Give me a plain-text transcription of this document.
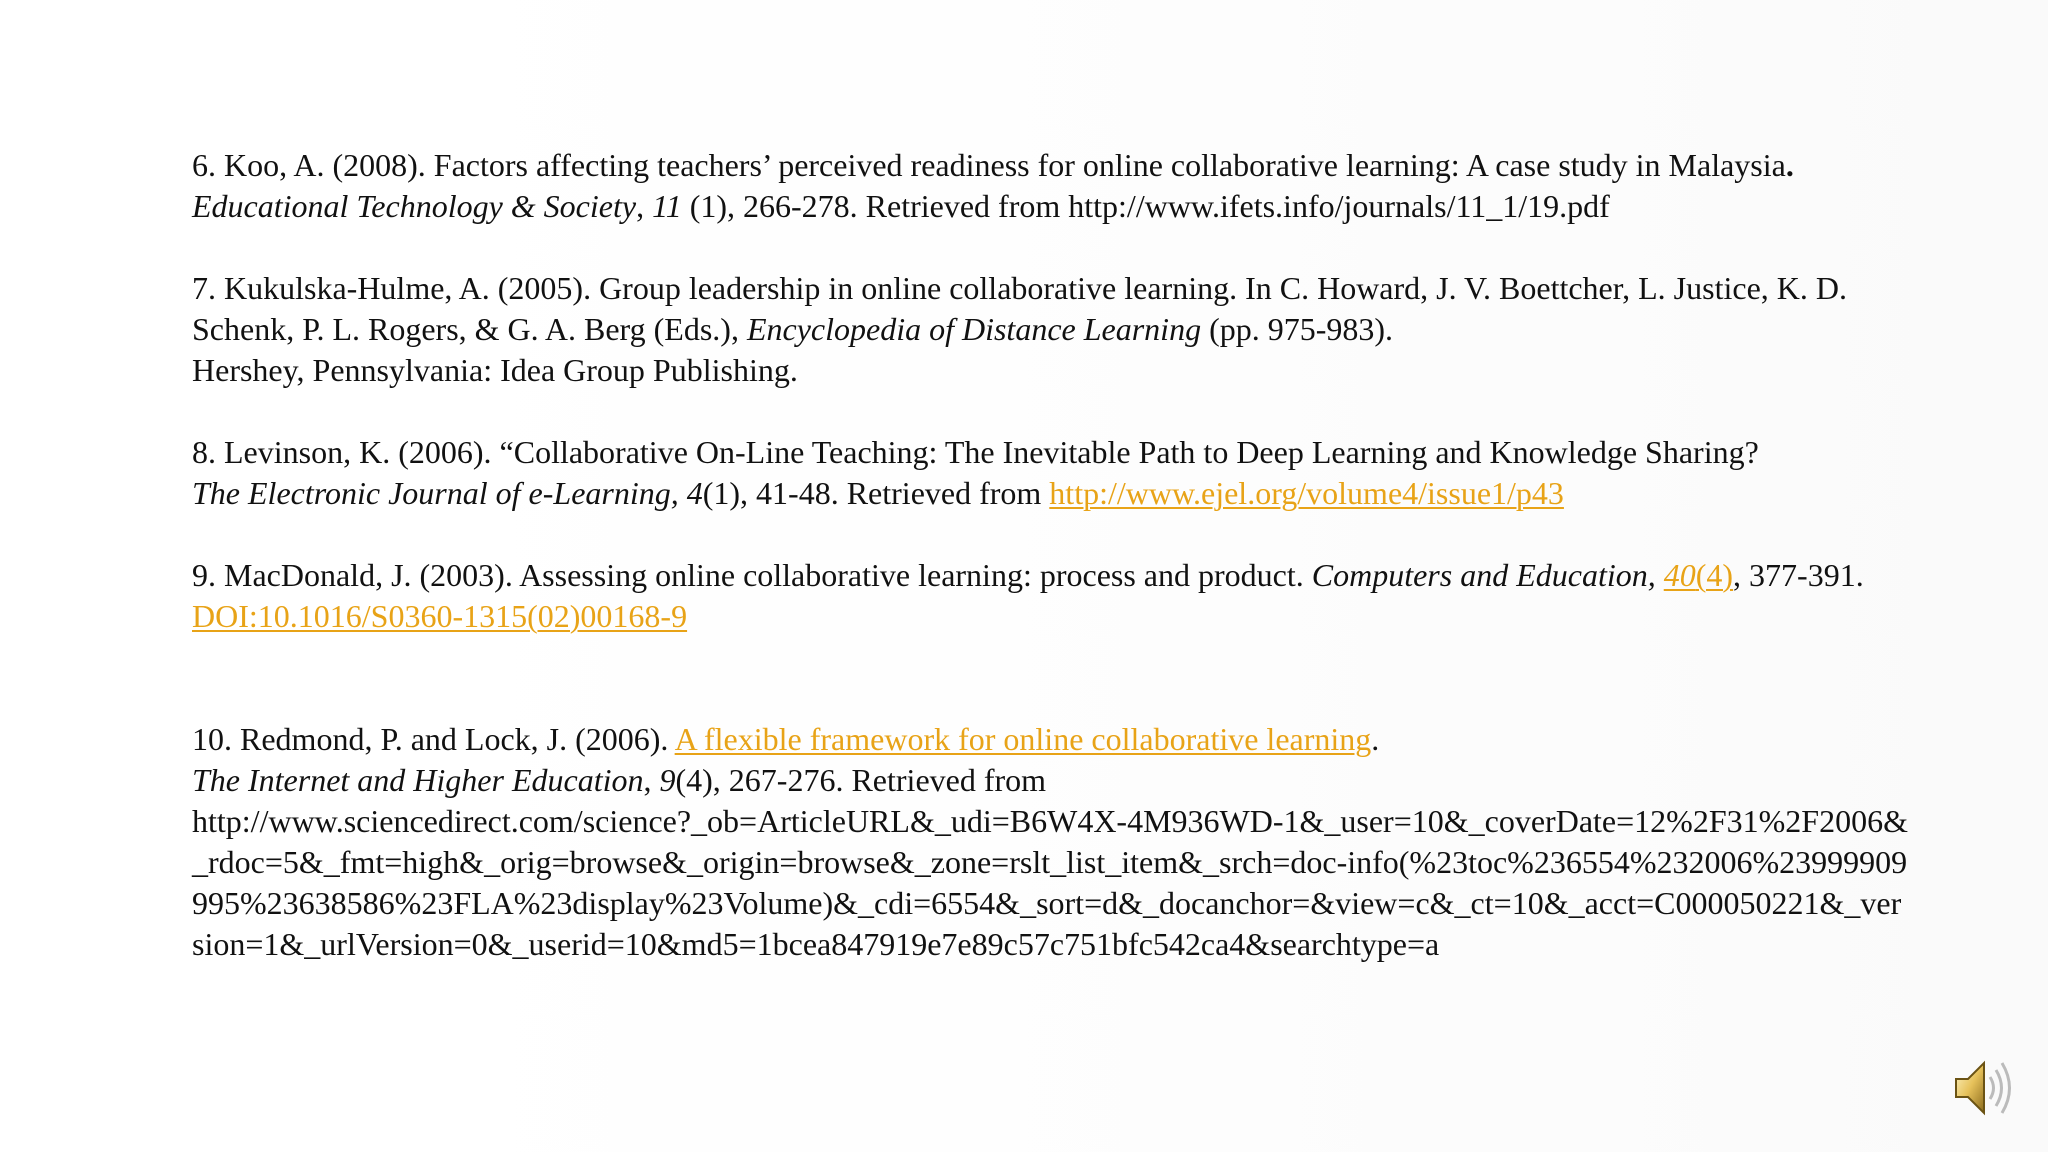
6. Koo, A. (2008). Factors affecting teachers’ perceived readiness for online collaborative learning: A case study in Malaysia.  Educational Technology & Society, 11 (1), 266-278. Retrieved from http://www.ifets.info/journals/11_1/19.pdf

7. Kukulska-Hulme, A. (2005). Group leadership in online collaborative learning. In C. Howard, J. V. Boettcher, L. Justice, K. D. Schenk, P. L. Rogers, & G. A. Berg (Eds.), Encyclopedia of Distance Learning (pp. 975-983).
Hershey, Pennsylvania: Idea Group Publishing.

8. Levinson, K. (2006). “Collaborative On-Line Teaching: The Inevitable Path to Deep Learning and Knowledge Sharing?
The Electronic Journal of e-Learning, 4(1), 41-48. Retrieved from http://www.ejel.org/volume4/issue1/p43

9. MacDonald, J. (2003). Assessing online collaborative learning: process and product. Computers and Education, 40(4), 377-391. DOI:10.1016/S0360-1315(02)00168-9

10. Redmond, P. and Lock, J. (2006). A flexible framework for online collaborative learning.
The Internet and Higher Education, 9(4), 267-276. Retrieved from
http://www.sciencedirect.com/science?_ob=ArticleURL&_udi=B6W4X-4M936WD-1&_user=10&_coverDate=12%2F31%2F2006&_rdoc=5&_fmt=high&_orig=browse&_origin=browse&_zone=rslt_list_item&_srch=doc-info(%23toc%236554%232006%23999909995%23638586%23FLA%23display%23Volume)&_cdi=6554&_sort=d&_docanchor=&view=c&_ct=10&_acct=C000050221&_version=1&_urlVersion=0&_userid=10&md5=1bcea847919e7e89c57c751bfc542ca4&searchtype=a
